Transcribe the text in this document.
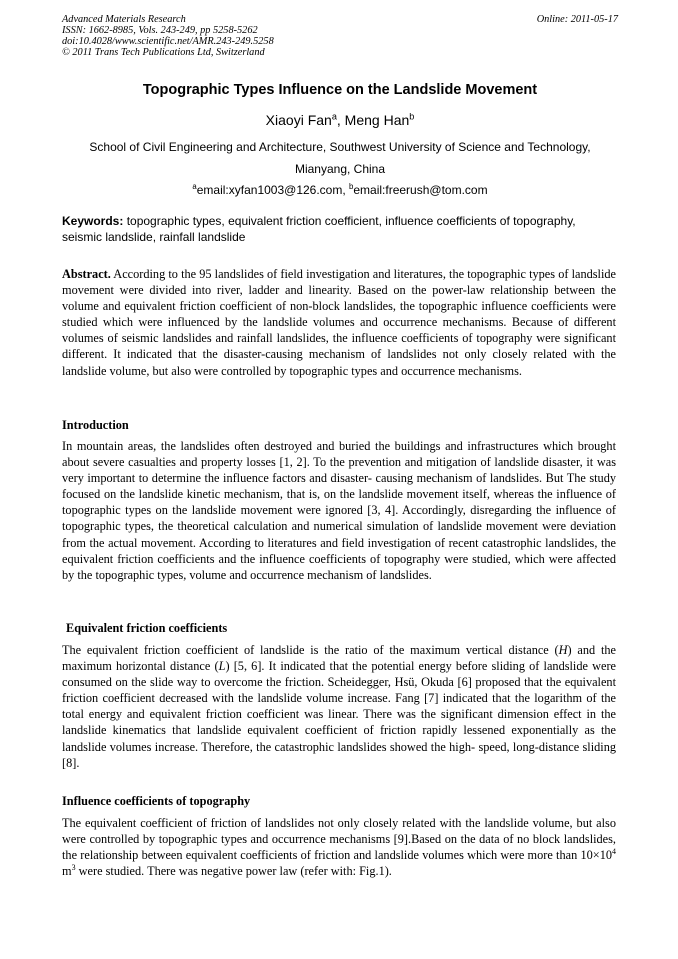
Advanced Materials Research
ISSN: 1662-8985, Vols. 243-249, pp 5258-5262
doi:10.4028/www.scientific.net/AMR.243-249.5258
© 2011 Trans Tech Publications Ltd, Switzerland
Online: 2011-05-17
Topographic Types Influence on the Landslide Movement
Xiaoyi Fan$^a$, Meng Han$^b$
School of Civil Engineering and Architecture, Southwest University of Science and Technology,
Mianyang, China
$^a$email:xyfan1003@126.com, $^b$email:freerush@tom.com
Keywords: topographic types, equivalent friction coefficient, influence coefficients of topography, seismic landslide, rainfall landslide
Abstract. According to the 95 landslides of field investigation and literatures, the topographic types of landslide movement were divided into river, ladder and linearity. Based on the power-law relationship between the volume and equivalent friction coefficient of non-block landslides, the topographic influence coefficients were studied which were influenced by the landslide volumes and occurrence mechanisms. Because of different volumes of seismic landslides and rainfall landslides, the influence coefficients of topography were significant different. It indicated that the disaster-causing mechanism of landslides not only closely related with the landslide volume, but also were controlled by topographic types and occurrence mechanisms.
Introduction
In mountain areas, the landslides often destroyed and buried the buildings and infrastructures which brought about severe casualties and property losses [1, 2]. To the prevention and mitigation of landslide disaster, it was very important to determine the influence factors and disaster- causing mechanism of landslides. But The study focused on the landslide kinetic mechanism, that is, on the landslide movement itself, whereas the influence of topographic types on the landslide movement were ignored [3, 4]. Accordingly, disregarding the influence of topographic types, the theoretical calculation and numerical simulation of landslide movement were deviation from the actual movement. According to literatures and field investigation of recent catastrophic landslides, the equivalent friction coefficients and the influence coefficients of topography were studied, which were affected by the topographic types, volume and occurrence mechanism of landslides.
Equivalent friction coefficients
The equivalent friction coefficient of landslide is the ratio of the maximum vertical distance (H) and the maximum horizontal distance (L) [5, 6]. It indicated that the potential energy before sliding of landslide were consumed on the slide way to overcome the friction. Scheidegger, Hsü, Okuda [6] proposed that the equivalent friction coefficient decreased with the landslide volume increase. Fang [7] indicated that the logarithm of the total energy and equivalent friction coefficient was linear. There was the significant dimension effect in the landslide kinematics that landslide equivalent coefficient of friction rapidly lessened exponentially as the landslide volumes increase. Therefore, the catastrophic landslides showed the high- speed, long-distance sliding [8].
Influence coefficients of topography
The equivalent coefficient of friction of landslides not only closely related with the landslide volume, but also were controlled by topographic types and occurrence mechanisms [9].Based on the data of no block landslides, the relationship between equivalent coefficients of friction and landslide volumes which were more than $10\times 10^4$ $m^3$ were studied. There was negative power law (refer with: Fig.1).
